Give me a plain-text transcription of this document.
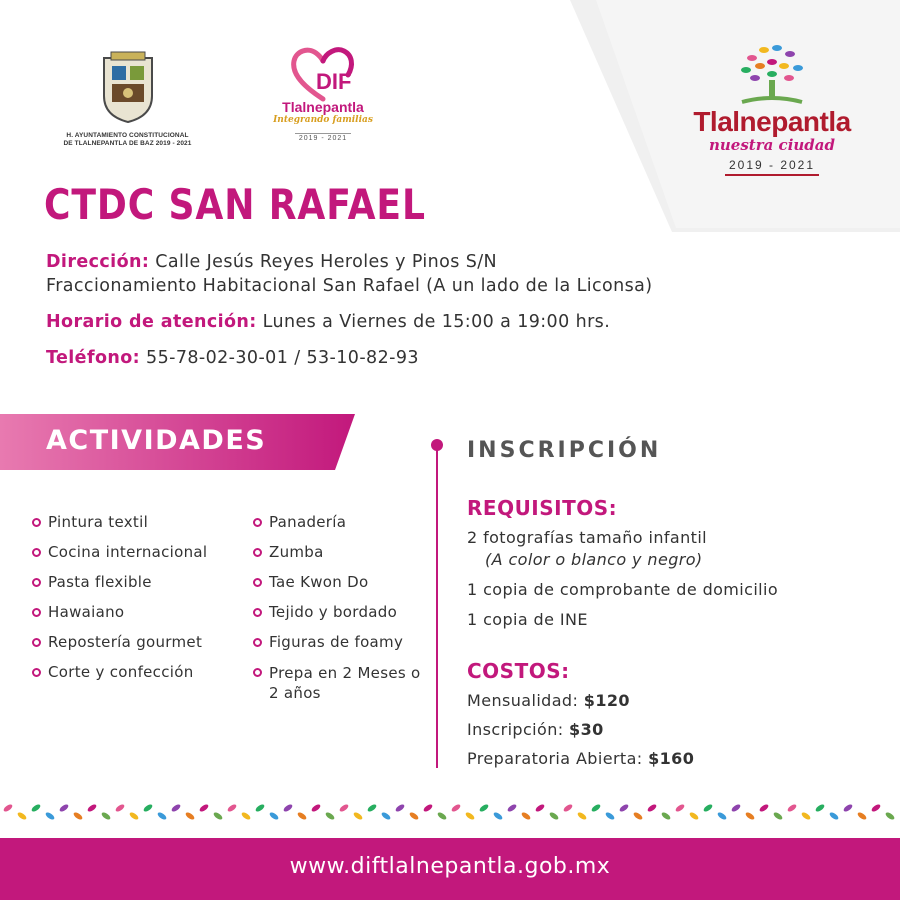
H. AYUNTAMIENTO CONSTITUCIONAL
DE TLALNEPANTLA DE BAZ 2019 - 2021
DIF
Tlalnepantla
Integrando familias
2019 - 2021
Tlalnepantla
nuestra ciudad
2019 - 2021
CTDC SAN RAFAEL

Dirección: Calle Jesús Reyes Heroles y Pinos S/N

Fraccionamiento Habitacional San Rafael (A un lado de la Liconsa)

Horario de atención: Lunes a Viernes de 15:00 a 19:00 hrs.

Teléfono: 55-78-02-30-01 / 53-10-82-93

ACTIVIDADES
Pintura textil
Cocina internacional
Pasta flexible
Hawaiano
Repostería gourmet
Corte y confección
Panadería
Zumba
Tae Kwon Do
Tejido y bordado
Figuras de foamy
Prepa en 2 Meses o 2 años
INSCRIPCIÓN
REQUISITOS:

2 fotografías tamaño infantil

(A color o blanco y negro)

1 copia de comprobante de domicilio

1 copia de INE

COSTOS:

Mensualidad: $120

Inscripción: $30

Preparatoria Abierta: $160

www.diftlalnepantla.gob.mx
